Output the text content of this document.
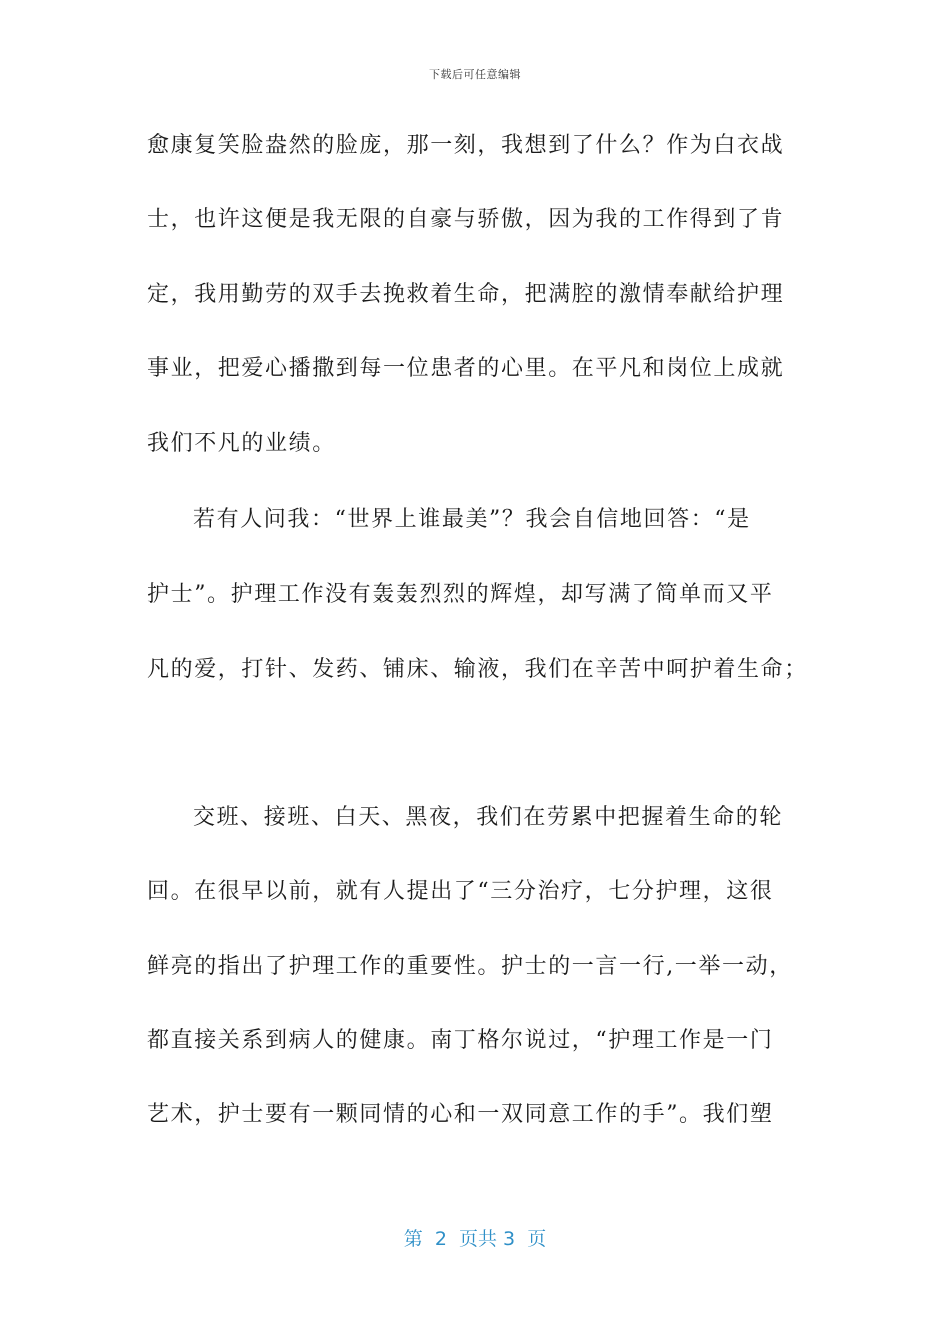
下载后可任意编辑
愈康复笑脸盎然的脸庞，那一刻，我想到了什么？作为白衣战
士，也许这便是我无限的自豪与骄傲，因为我的工作得到了肯
定，我用勤劳的双手去挽救着生命，把满腔的激情奉献给护理
事业，把爱心播撒到每一位患者的心里。在平凡和岗位上成就
我们不凡的业绩。
若有人问我：“世界上谁最美”？我会自信地回答：“是
护士”。护理工作没有轰轰烈烈的辉煌，却写满了简单而又平
凡的爱，打针、发药、铺床、输液，我们在辛苦中呵护着生命；
交班、接班、白天、黑夜，我们在劳累中把握着生命的轮
回。在很早以前，就有人提出了“三分治疗，七分护理，这很
鲜亮的指出了护理工作的重要性。护士的一言一行,一举一动，
都直接关系到病人的健康。南丁格尔说过，“护理工作是一门
艺术，护士要有一颗同情的心和一双同意工作的手”。我们塑
第  2  页共 3  页
